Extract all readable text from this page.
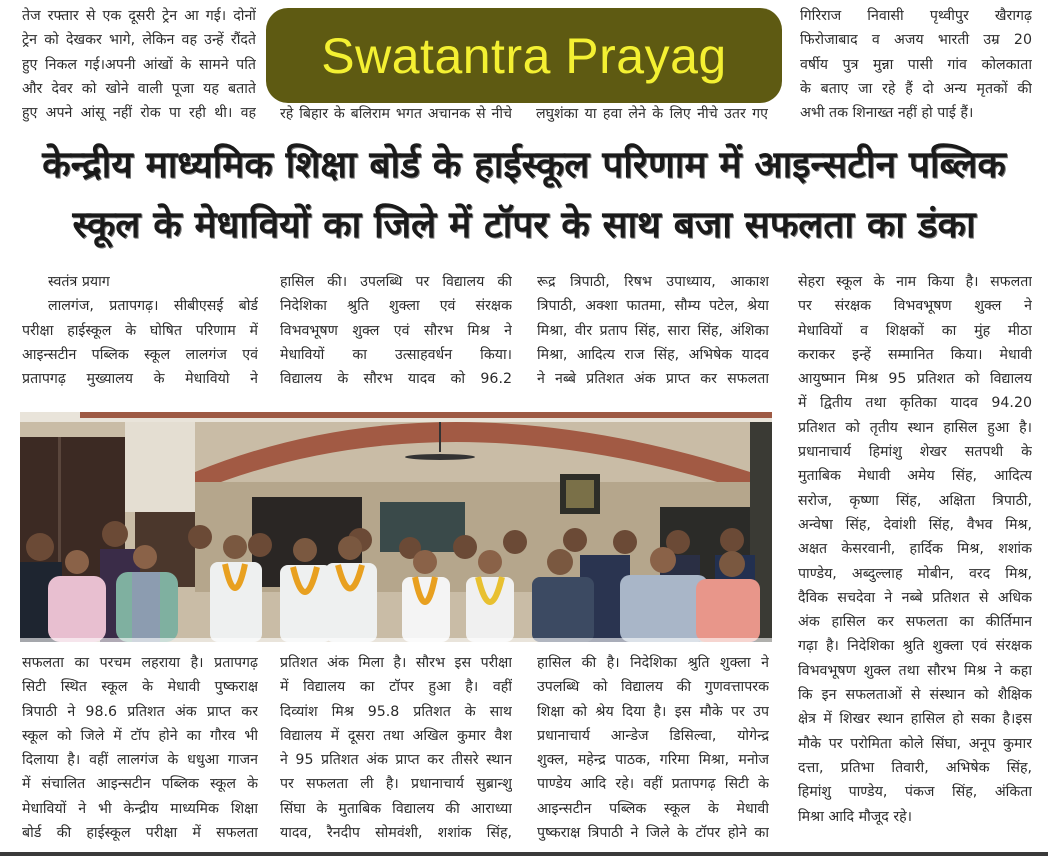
तेज रफ्तार से एक दूसरी ट्रेन आ गई। दोनों
ट्रेन को देखकर भागे, लेकिन वह उन्हें रौंदते
हुए निकल गई।अपनी आंखों के सामने पति
और देवर को खोने वाली पूजा यह बताते
हुए अपने आंसू नहीं रोक पा रही थी। वह रहे बिहार के बलिराम भगत अचानक से नीचे लघुशंका या हवा लेने के लिए नीचे उतर गए
गिरिराज निवासी पृथ्वीपुर खैरागढ़
फिरोजाबाद व अजय भारती उम्र 20
वर्षीय पुत्र मुन्ना पासी गांव कोलकाता
के बताए जा रहे हैं दो अन्य मृतकों की
अभी तक शिनाख्त नहीं हो पाई हैं।
Swatantra Prayag
केन्द्रीय माध्यमिक शिक्षा बोर्ड के हाईस्कूल परिणाम में आइन्सटीन पब्लिक
स्कूल के मेधावियों का जिले में टॉपर के साथ बजा सफलता का डंका
स्वतंत्र प्रयाग
लालगंज, प्रतापगढ़। सीबीएसई बोर्ड
परीक्षा हाईस्कूल के घोषित परिणाम में
आइन्सटीन पब्लिक स्कूल लालगंज एवं
प्रतापगढ़ मुख्यालय के मेधावियो ने
हासिल की। उपलब्धि पर विद्यालय की
निदेशिका श्रुति शुक्ला एवं संरक्षक
विभवभूषण शुक्ल एवं सौरभ मिश्र ने
मेधावियों का उत्साहवर्धन किया।
विद्यालय के सौरभ यादव को 96.2
रूद्र त्रिपाठी, रिषभ उपाध्याय, आकाश
त्रिपाठी, अक्शा फातमा, सौम्य पटेल, श्रेया
मिश्रा, वीर प्रताप सिंह, सारा सिंह, अंशिका
मिश्रा, आदित्य राज सिंह, अभिषेक यादव
ने नब्बे प्रतिशत अंक प्राप्त कर सफलता
सेहरा स्कूल के नाम किया है। सफलता
पर संरक्षक विभवभूषण शुक्ल ने
मेधावियों व शिक्षकों का मुंह मीठा
कराकर इन्हें सम्मानित किया। मेधावी
आयुष्मान मिश्र 95 प्रतिशत को विद्यालय
में द्वितीय तथा कृतिका यादव 94.20
प्रतिशत को तृतीय स्थान हासिल हुआ है।
प्रधानाचार्य हिमांशु शेखर सतपथी के
मुताबिक मेधावी अमेय सिंह, आदित्य
सरोज, कृष्णा सिंह, अक्षिता त्रिपाठी,
अन्वेषा सिंह, देवांशी सिंह, वैभव मिश्र,
अक्षत केसरवानी, हार्दिक मिश्र, शशांक
पाण्डेय, अब्दुल्लाह मोबीन, वरद मिश्र,
दैविक सचदेवा ने नब्बे प्रतिशत से अधिक
अंक हासिल कर सफलता का कीर्तिमान
गढ़ा है। निदेशिका श्रुति शुक्ला एवं संरक्षक
विभवभूषण शुक्ल तथा सौरभ मिश्र ने कहा
कि इन सफलताओं से संस्थान को शैक्षिक
क्षेत्र में शिखर स्थान हासिल हो सका है।इस
मौके पर परोमिता कोले सिंघा, अनूप कुमार
दत्ता, प्रतिभा तिवारी, अभिषेक सिंह,
हिमांशु पाण्डेय, पंकज सिंह, अंकिता
मिश्रा आदि मौजूद रहे।
सफलता का परचम लहराया है। प्रतापगढ़
सिटी स्थित स्कूल के मेधावी पुष्कराक्ष
त्रिपाठी ने 98.6 प्रतिशत अंक प्राप्त कर
स्कूल को जिले में टॉप होने का गौरव भी
दिलाया है। वहीं लालगंज के धधुआ गाजन
में संचालित आइन्सटीन पब्लिक स्कूल के
मेधावियों ने भी केन्द्रीय माध्यमिक शिक्षा
बोर्ड की हाईस्कूल परीक्षा में सफलता
प्रतिशत अंक मिला है। सौरभ इस परीक्षा
में विद्यालय का टॉपर हुआ है। वहीं
दिव्यांश मिश्र 95.8 प्रतिशत के साथ
विद्यालय में दूसरा तथा अखिल कुमार वैश
ने 95 प्रतिशत अंक प्राप्त कर तीसरे स्थान
पर सफलता ली है। प्रधानाचार्य सुब्रान्शु
सिंघा के मुताबिक विद्यालय की आराध्या
यादव, रैनदीप सोमवंशी, शशांक सिंह,
हासिल की है। निदेशिका श्रुति शुक्ला ने
उपलब्धि को विद्यालय की गुणवत्तापरक
शिक्षा को श्रेय दिया है। इस मौके पर उप
प्रधानाचार्य आन्डेज डिसिल्वा, योगेन्द्र
शुक्ल, महेन्द्र पाठक, गरिमा मिश्रा, मनोज
पाण्डेय आदि रहे। वहीं प्रतापगढ़ सिटी के
आइन्सटीन पब्लिक स्कूल के मेधावी
पुष्कराक्ष त्रिपाठी ने जिले के टॉपर होने का
